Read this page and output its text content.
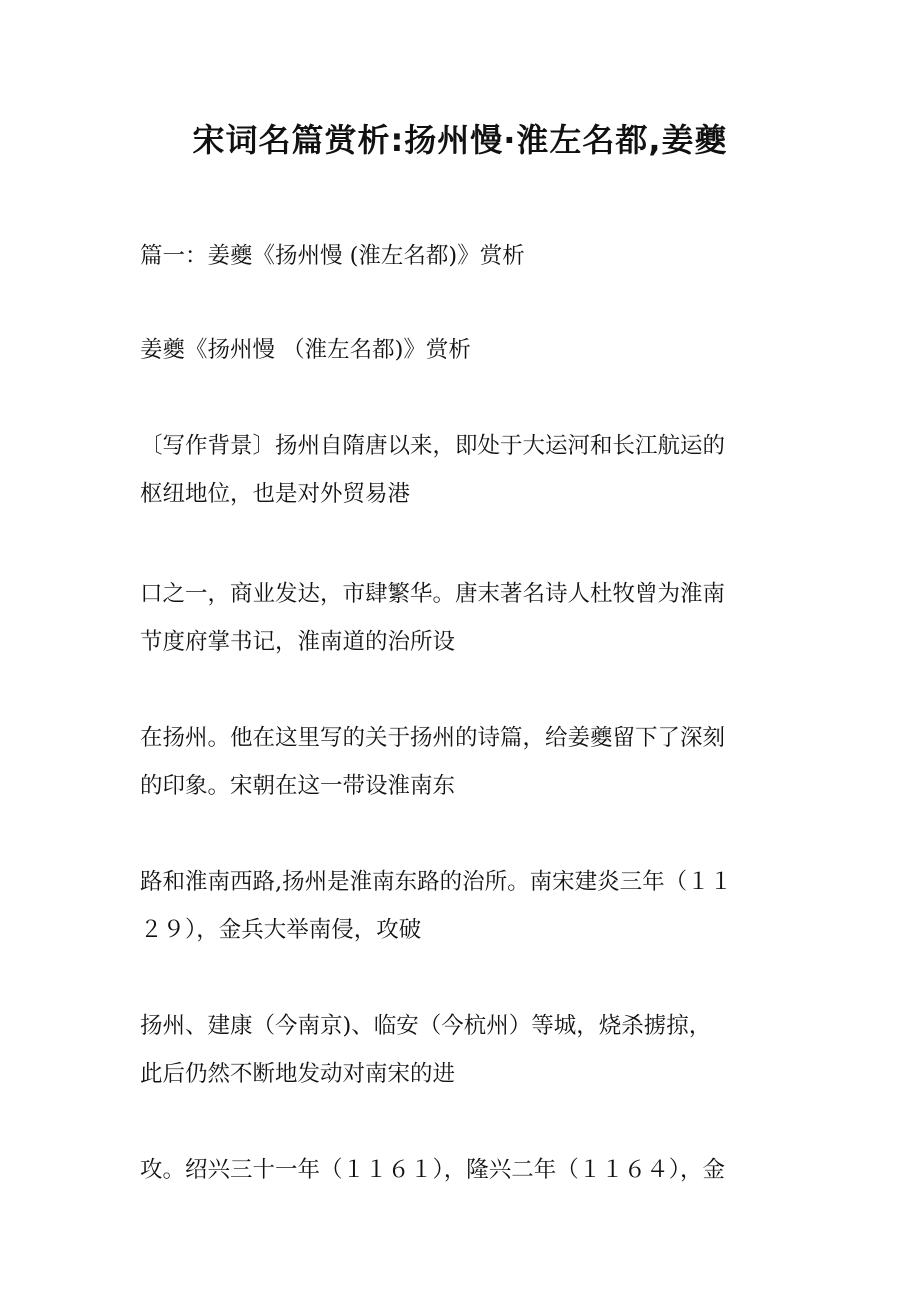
宋词名篇赏析:扬州慢·淮左名都,姜夔

篇一：姜夔《扬州慢 (淮左名都)》赏析

姜夔《扬州慢 （淮左名都)》赏析

〔写作背景〕扬州自隋唐以来，即处于大运河和长江航运的
枢纽地位，也是对外贸易港

口之一，商业发达，市肆繁华。唐末著名诗人杜牧曾为淮南
节度府掌书记，淮南道的治所设

在扬州。他在这里写的关于扬州的诗篇，给姜夔留下了深刻
的印象。宋朝在这一带设淮南东

路和淮南西路,扬州是淮南东路的治所。南宋建炎三年（１１
２９），金兵大举南侵，攻破

扬州、建康（今南京)、临安（今杭州）等城，烧杀掳掠，
此后仍然不断地发动对南宋的进

攻。绍兴三十一年（１１６１），隆兴二年（１１６４），金
